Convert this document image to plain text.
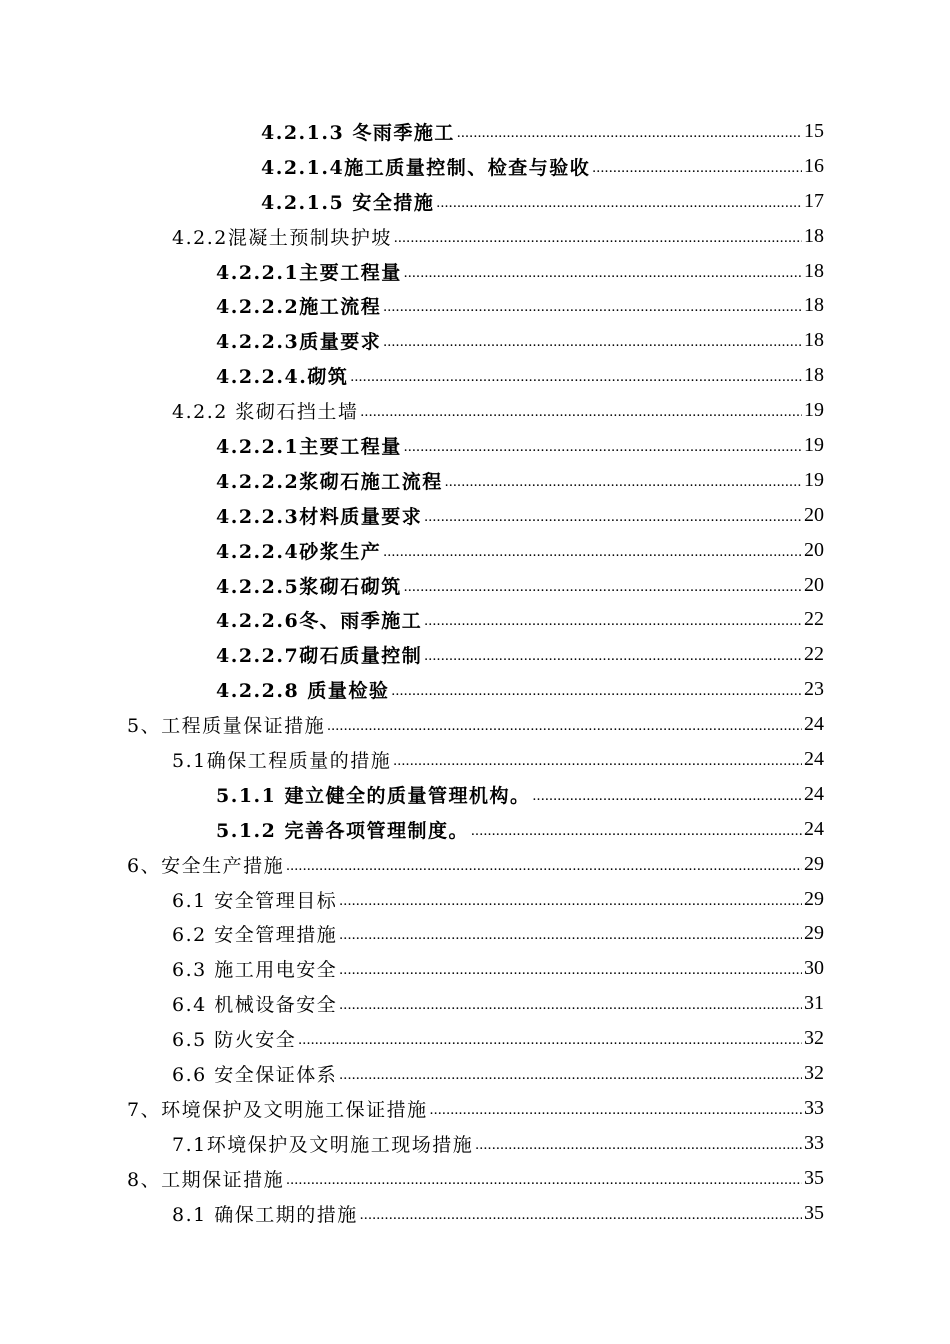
4.2.1.3 冬雨季施工 .....	15
4.2.1.4施工质量控制、检查与验收 .....	16
4.2.1.5 安全措施 .....	17
4.2.2混凝土预制块护坡 .....	18
4.2.2.1主要工程量 .....	18
4.2.2.2施工流程 .....	18
4.2.2.3质量要求 .....	18
4.2.2.4.砌筑 .....	18
4.2.2 浆砌石挡土墙 .....	19
4.2.2.1主要工程量 .....	19
4.2.2.2浆砌石施工流程 .....	19
4.2.2.3材料质量要求 .....	20
4.2.2.4砂浆生产 .....	20
4.2.2.5浆砌石砌筑 .....	20
4.2.2.6冬、雨季施工 .....	22
4.2.2.7砌石质量控制 .....	22
4.2.2.8 质量检验 .....	23
5、工程质量保证措施 .....	24
5.1确保工程质量的措施 .....	24
5.1.1 建立健全的质量管理机构。 .....	24
5.1.2 完善各项管理制度。 .....	24
6、安全生产措施 .....	29
6.1 安全管理目标 .....	29
6.2 安全管理措施 .....	29
6.3 施工用电安全 .....	30
6.4 机械设备安全 .....	31
6.5 防火安全 .....	32
6.6 安全保证体系 .....	32
7、环境保护及文明施工保证措施 .....	33
7.1环境保护及文明施工现场措施 .....	33
8、工期保证措施 .....	35
8.1 确保工期的措施 .....	35
